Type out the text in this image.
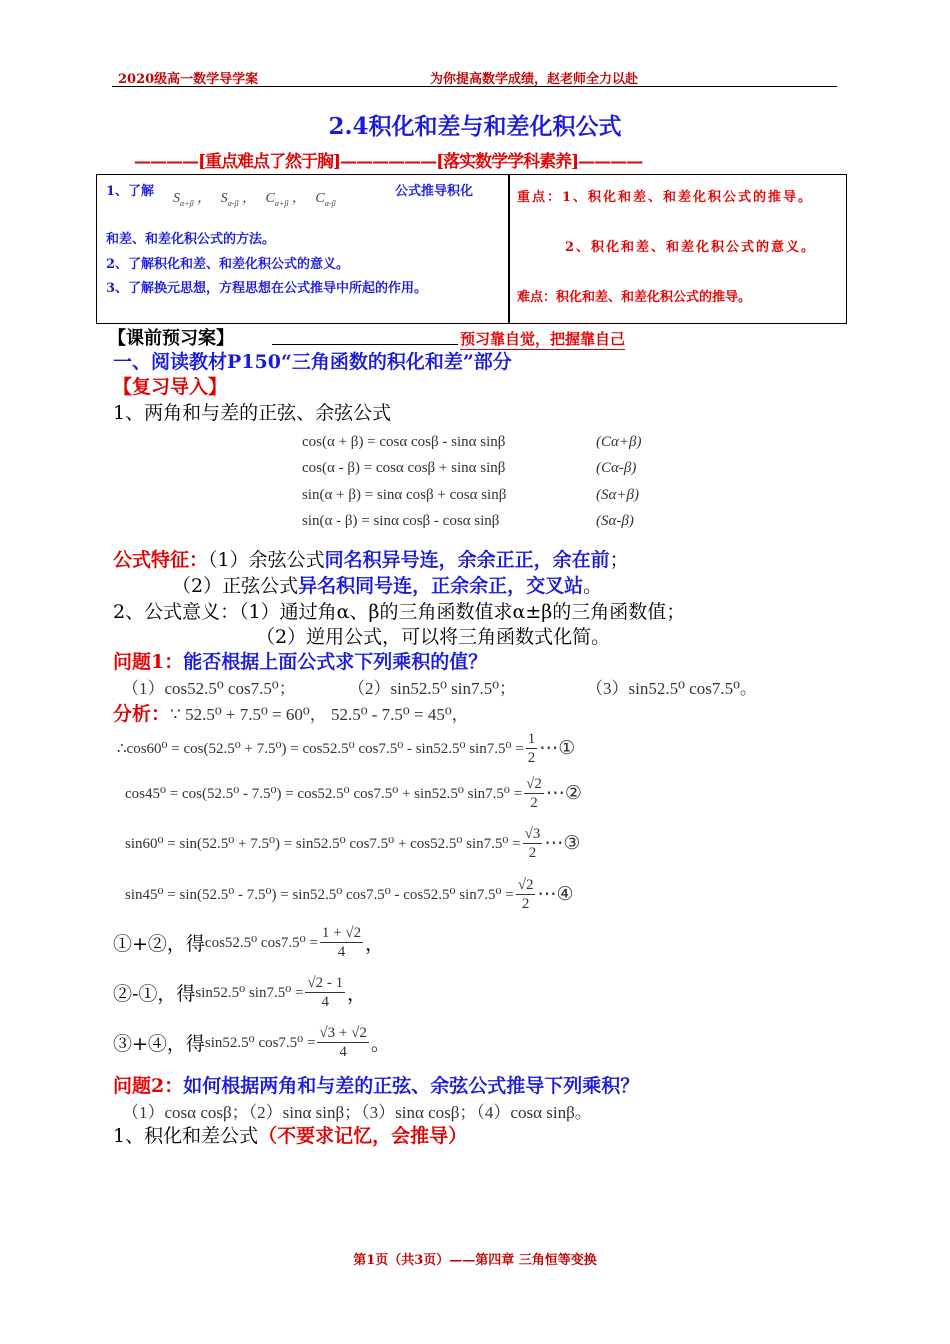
2020级高一数学导学案	为你提高数学成绩，赵老师全力以赴
2.4积化和差与和差化积公式
————[重点难点了然于胸]——————[落实数学学科素养]————
1、了解 $S_{\alpha+\beta}$ ， $S_{\alpha-\beta}$ ， $C_{\alpha+\beta}$ ， $C_{\alpha-\beta}$
公式推导积化
和差、和差化积公式的方法。
2、了解积化和差、和差化积公式的意义。
3、了解换元思想，方程思想在公式推导中所起的作用。
重点：1、积化和差、和差化积公式的推导。
2、积化和差、和差化积公式的意义。
难点：积化和差、和差化积公式的推导。
【课前预习案】	预习靠自觉，把握靠自己
一、阅读教材P150“三角函数的积化和差”部分
【复习导入】
1、两角和与差的正弦、余弦公式
cos(α + β) = cosα cosβ - sinα sinβ	(Cα+β)
cos(α - β) = cosα cosβ + sinα sinβ	(Cα-β)
sin(α + β) = sinα cosβ + cosα sinβ	(Sα+β)
sin(α - β) = sinα cosβ - cosα sinβ	(Sα-β)
公式特征：（1）余弦公式同名积异号连，余余正正，余在前；
（2）正弦公式异名积同号连，正余余正，交叉站。
2、公式意义：（1）通过角α、β的三角函数值求α±β的三角函数值；
（2）逆用公式，可以将三角函数式化简。
问题1：能否根据上面公式求下列乘积的值？
（1）cos52.5⁰ cos7.5⁰；	（2）sin52.5⁰ sin7.5⁰；	（3）sin52.5⁰ cos7.5⁰。
分析：∵ 52.5⁰ + 7.5⁰ = 60⁰， 52.5⁰ - 7.5⁰ = 45⁰，
∴cos60⁰ = cos(52.5⁰ + 7.5⁰) = cos52.5⁰ cos7.5⁰ - sin52.5⁰ $\sin 7.5^0 = \frac{1}{2}$ ⋯①
cos45⁰ = cos(52.5⁰ - 7.5⁰) = cos52.5⁰ cos7.5⁰ + sin52.5⁰ $\sin 7.5^0 = \frac{√2}{2}$ ⋯②
sin60⁰ = sin(52.5⁰ + 7.5⁰) = sin52.5⁰ cos7.5⁰ + cos52.5⁰ $\sin 7.5^0 = \frac{√3}{2}$ ⋯③
sin45⁰ = sin(52.5⁰ - 7.5⁰) = sin52.5⁰ cos7.5⁰ - cos52.5⁰ $\sin 7.5^0 = \frac{√2}{2}$ ⋯④
①+②，得 cos52.5⁰ $\cos 7.5^0 = \frac{1 + √2}{4}$ ，
②-①，得 sin52.5⁰ $\sin 7.5^0 = \frac{√2 - 1}{4}$ ，
③+④，得 sin52.5⁰ $\cos 7.5^0 = \frac{√3 + √2}{4}$ 。
问题2：如何根据两角和与差的正弦、余弦公式推导下列乘积？
（1）cosα cosβ；（2）sinα sinβ；（3）sinα cosβ；（4）cosα sinβ。
1、积化和差公式（不要求记忆，会推导）
第1页（共3页）——第四章 三角恒等变换
